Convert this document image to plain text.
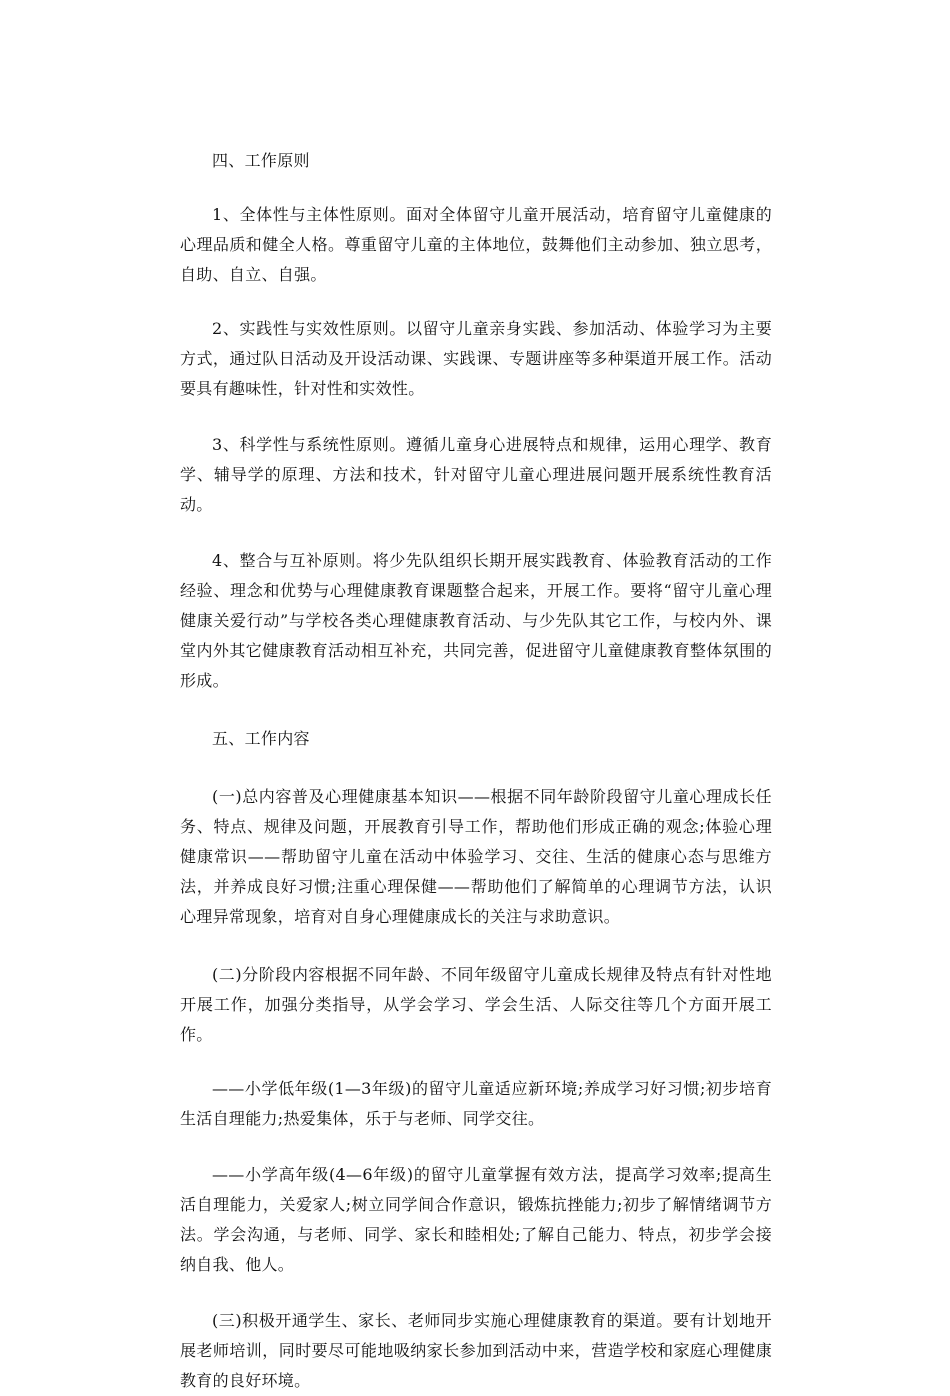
四、工作原则

1、全体性与主体性原则。面对全体留守儿童开展活动，培育留守儿童健康的心理品质和健全人格。尊重留守儿童的主体地位，鼓舞他们主动参加、独立思考，自助、自立、自强。

2、实践性与实效性原则。以留守儿童亲身实践、参加活动、体验学习为主要方式，通过队日活动及开设活动课、实践课、专题讲座等多种渠道开展工作。活动要具有趣味性，针对性和实效性。

3、科学性与系统性原则。遵循儿童身心进展特点和规律，运用心理学、教育学、辅导学的原理、方法和技术，针对留守儿童心理进展问题开展系统性教育活动。

4、整合与互补原则。将少先队组织长期开展实践教育、体验教育活动的工作经验、理念和优势与心理健康教育课题整合起来，开展工作。要将“留守儿童心理健康关爱行动”与学校各类心理健康教育活动、与少先队其它工作，与校内外、课堂内外其它健康教育活动相互补充，共同完善，促进留守儿童健康教育整体氛围的形成。

五、工作内容

(一)总内容普及心理健康基本知识——根据不同年龄阶段留守儿童心理成长任务、特点、规律及问题，开展教育引导工作，帮助他们形成正确的观念;体验心理健康常识——帮助留守儿童在活动中体验学习、交往、生活的健康心态与思维方法，并养成良好习惯;注重心理保健——帮助他们了解简单的心理调节方法，认识心理异常现象，培育对自身心理健康成长的关注与求助意识。

(二)分阶段内容根据不同年龄、不同年级留守儿童成长规律及特点有针对性地开展工作，加强分类指导，从学会学习、学会生活、人际交往等几个方面开展工作。

——小学低年级(1—3年级)的留守儿童适应新环境;养成学习好习惯;初步培育生活自理能力;热爱集体，乐于与老师、同学交往。

——小学高年级(4—6年级)的留守儿童掌握有效方法，提高学习效率;提高生活自理能力，关爱家人;树立同学间合作意识，锻炼抗挫能力;初步了解情绪调节方法。学会沟通，与老师、同学、家长和睦相处;了解自己能力、特点，初步学会接纳自我、他人。

(三)积极开通学生、家长、老师同步实施心理健康教育的渠道。要有计划地开展老师培训，同时要尽可能地吸纳家长参加到活动中来，营造学校和家庭心理健康教育的良好环境。
